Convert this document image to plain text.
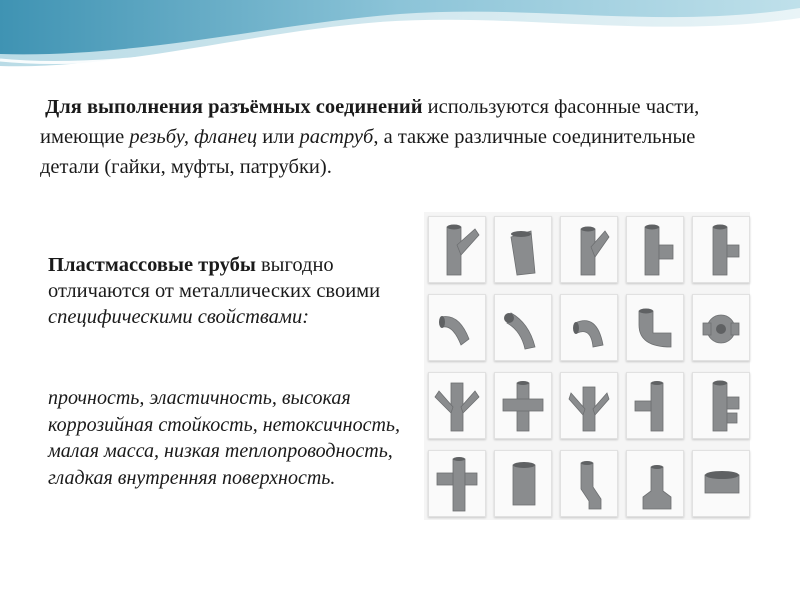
Для выполнения разъёмных соединений используются фасонные части, имеющие резьбу, фланец или раструб, а также различные соединительные детали (гайки, муфты, патрубки).
Пластмассовые трубы выгодно отличаются от металлических своими специфическими свойствами:
прочность, эластичность, высокая коррозийная стойкость, нетоксичность, малая масса, низкая теплопроводность, гладкая внутренняя поверхность.
